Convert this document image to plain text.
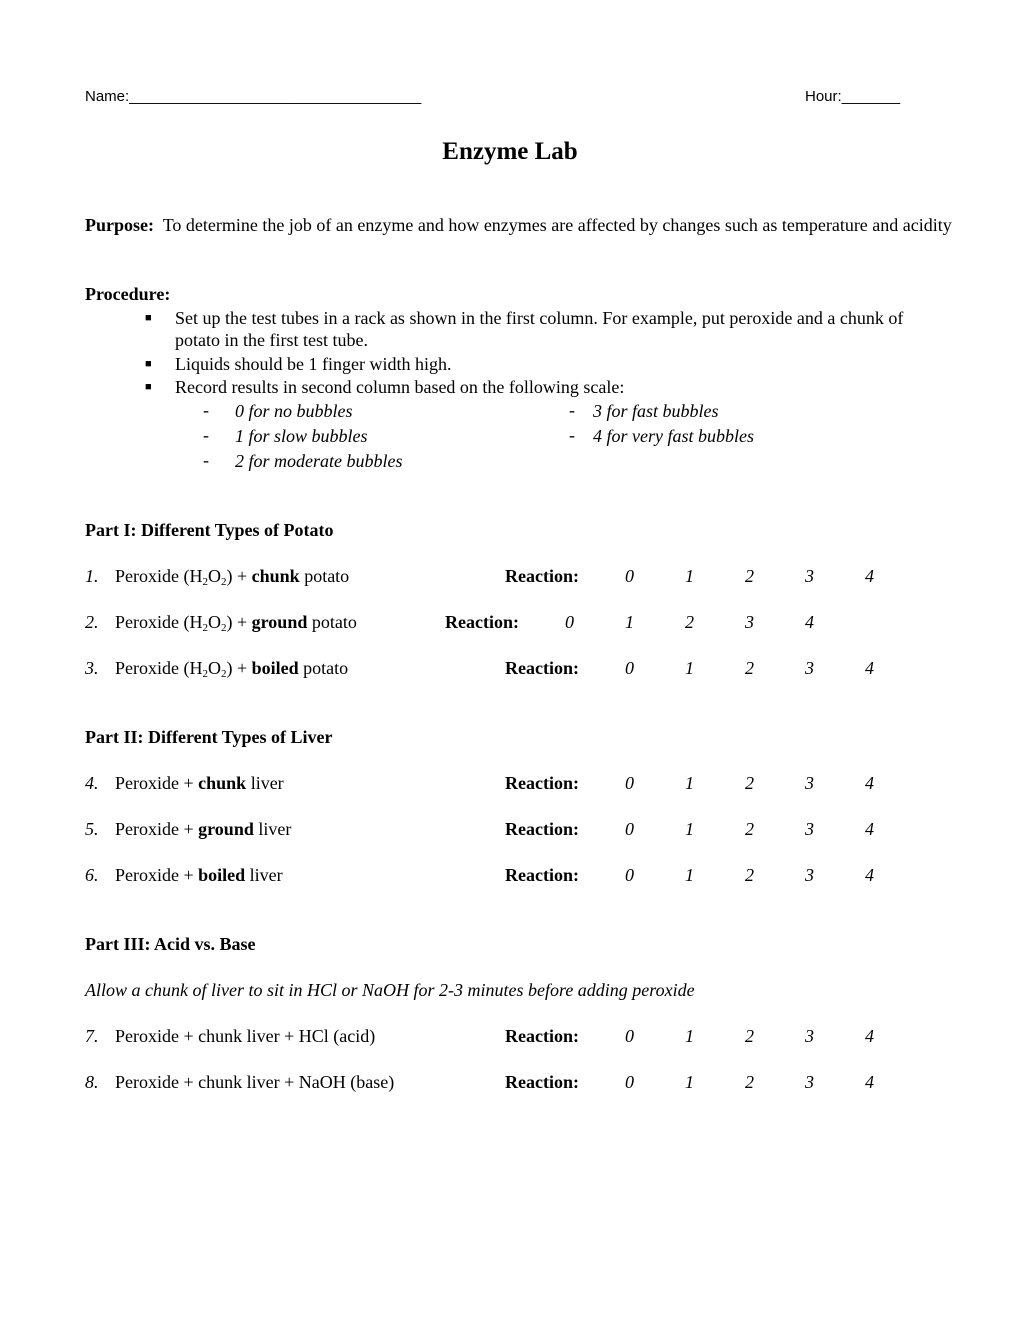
Name:___________________________________	Hour:_______
Enzyme Lab
Purpose: To determine the job of an enzyme and how enzymes are affected by changes such as temperature and acidity
Procedure:
■ Set up the test tubes in a rack as shown in the first column. For example, put peroxide and a chunk of potato in the first test tube.
■ Liquids should be 1 finger width high.
■ Record results in second column based on the following scale:
- 0 for no bubbles
- 1 for slow bubbles
- 2 for moderate bubbles
- 3 for fast bubbles
- 4 for very fast bubbles
Part I: Different Types of Potato
Part II: Different Types of Liver
Part III: Acid vs. Base
Allow a chunk of liver to sit in HCl or NaOH for 2-3 minutes before adding peroxide
1. Peroxide $(H_2O_2)$ + chunk potato	Reaction:	0	1	2	3	4
2. Peroxide $(H_2O_2)$ + ground potato	Reaction:	0	1	2	3	4
3. Peroxide $(H_2O_2)$ + boiled potato	Reaction:	0	1	2	3	4
4. Peroxide + chunk liver	Reaction:	0	1	2	3	4
5. Peroxide + ground liver	Reaction:	0	1	2	3	4
6. Peroxide + boiled liver	Reaction:	0	1	2	3	4
7. Peroxide + chunk liver + HCl (acid)	Reaction:	0	1	2	3	4
8. Peroxide + chunk liver + NaOH (base)	Reaction:	0	1	2	3	4
